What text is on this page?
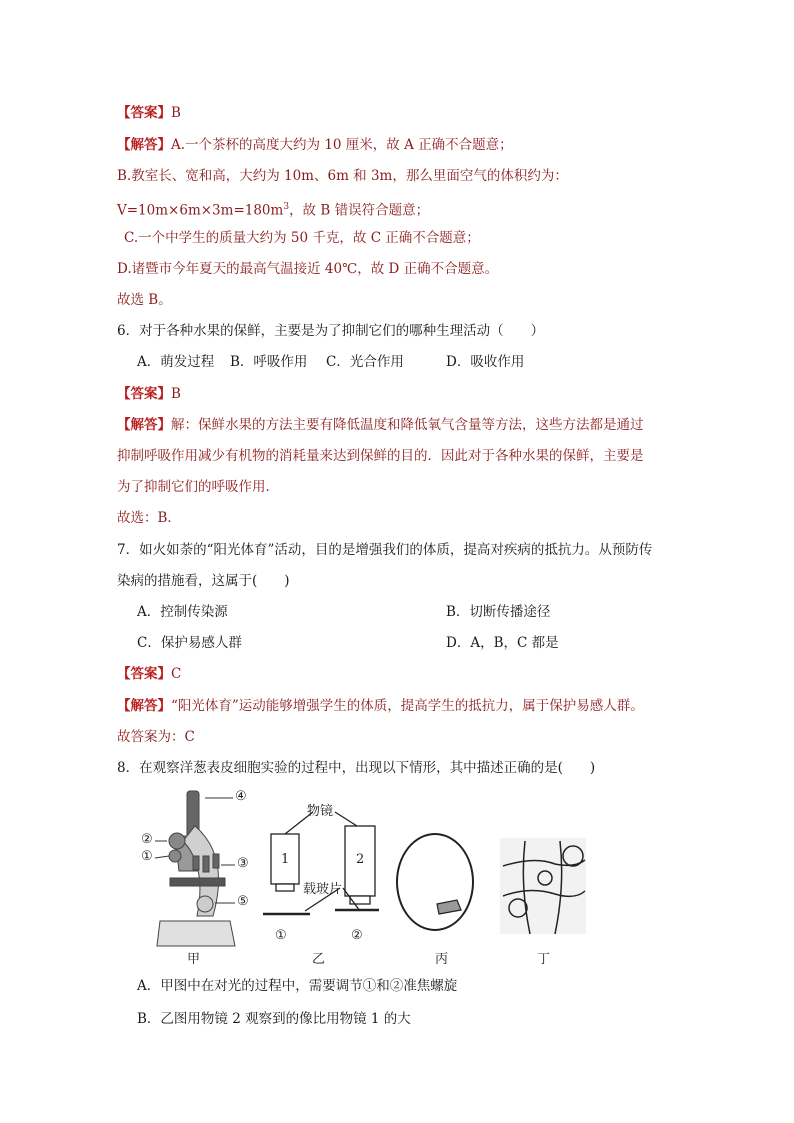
【答案】B
【解答】A.一个茶杯的高度大约为 10 厘米，故 A 正确不合题意；
B.教室长、宽和高，大约为 10m、6m 和 3m，那么里面空气的体积约为：
$V=10m\times 6m\times 3m=180m^3$，故 B 错误符合题意；
C.一个中学生的质量大约为 50 千克，故 C 正确不合题意；
D.诸暨市今年夏天的最高气温接近 40℃，故 D 正确不合题意。
故选 B。
6．对于各种水果的保鲜，主要是为了抑制它们的哪种生理活动（　　）
A．萌发过程 B．呼吸作用 C．光合作用	D．吸收作用
【答案】B
【解答】解：保鲜水果的方法主要有降低温度和降低氧气含量等方法，这些方法都是通过
抑制呼吸作用减少有机物的消耗量来达到保鲜的目的．因此对于各种水果的保鲜，主要是
为了抑制它们的呼吸作用．
故选：B．
7．如火如荼的“阳光体育”活动，目的是增强我们的体质，提高对疾病的抵抗力。从预防传
染病的措施看，这属于(　　)
A．控制传染源	B．切断传播途径
C．保护易感人群	D．A，B，C 都是
【答案】C
【解答】“阳光体育”运动能够增强学生的体质，提高学生的抵抗力，属于保护易感人群。
故答案为：C
8．在观察洋葱表皮细胞实验的过程中，出现以下情形，其中描述正确的是(　　)
④
②
①	③
⑤
物镜
1	2
载玻片
①	②
甲	乙	丙	丁
A．甲图中在对光的过程中，需要调节①和②准焦螺旋
B．乙图用物镜 2 观察到的像比用物镜 1 的大
